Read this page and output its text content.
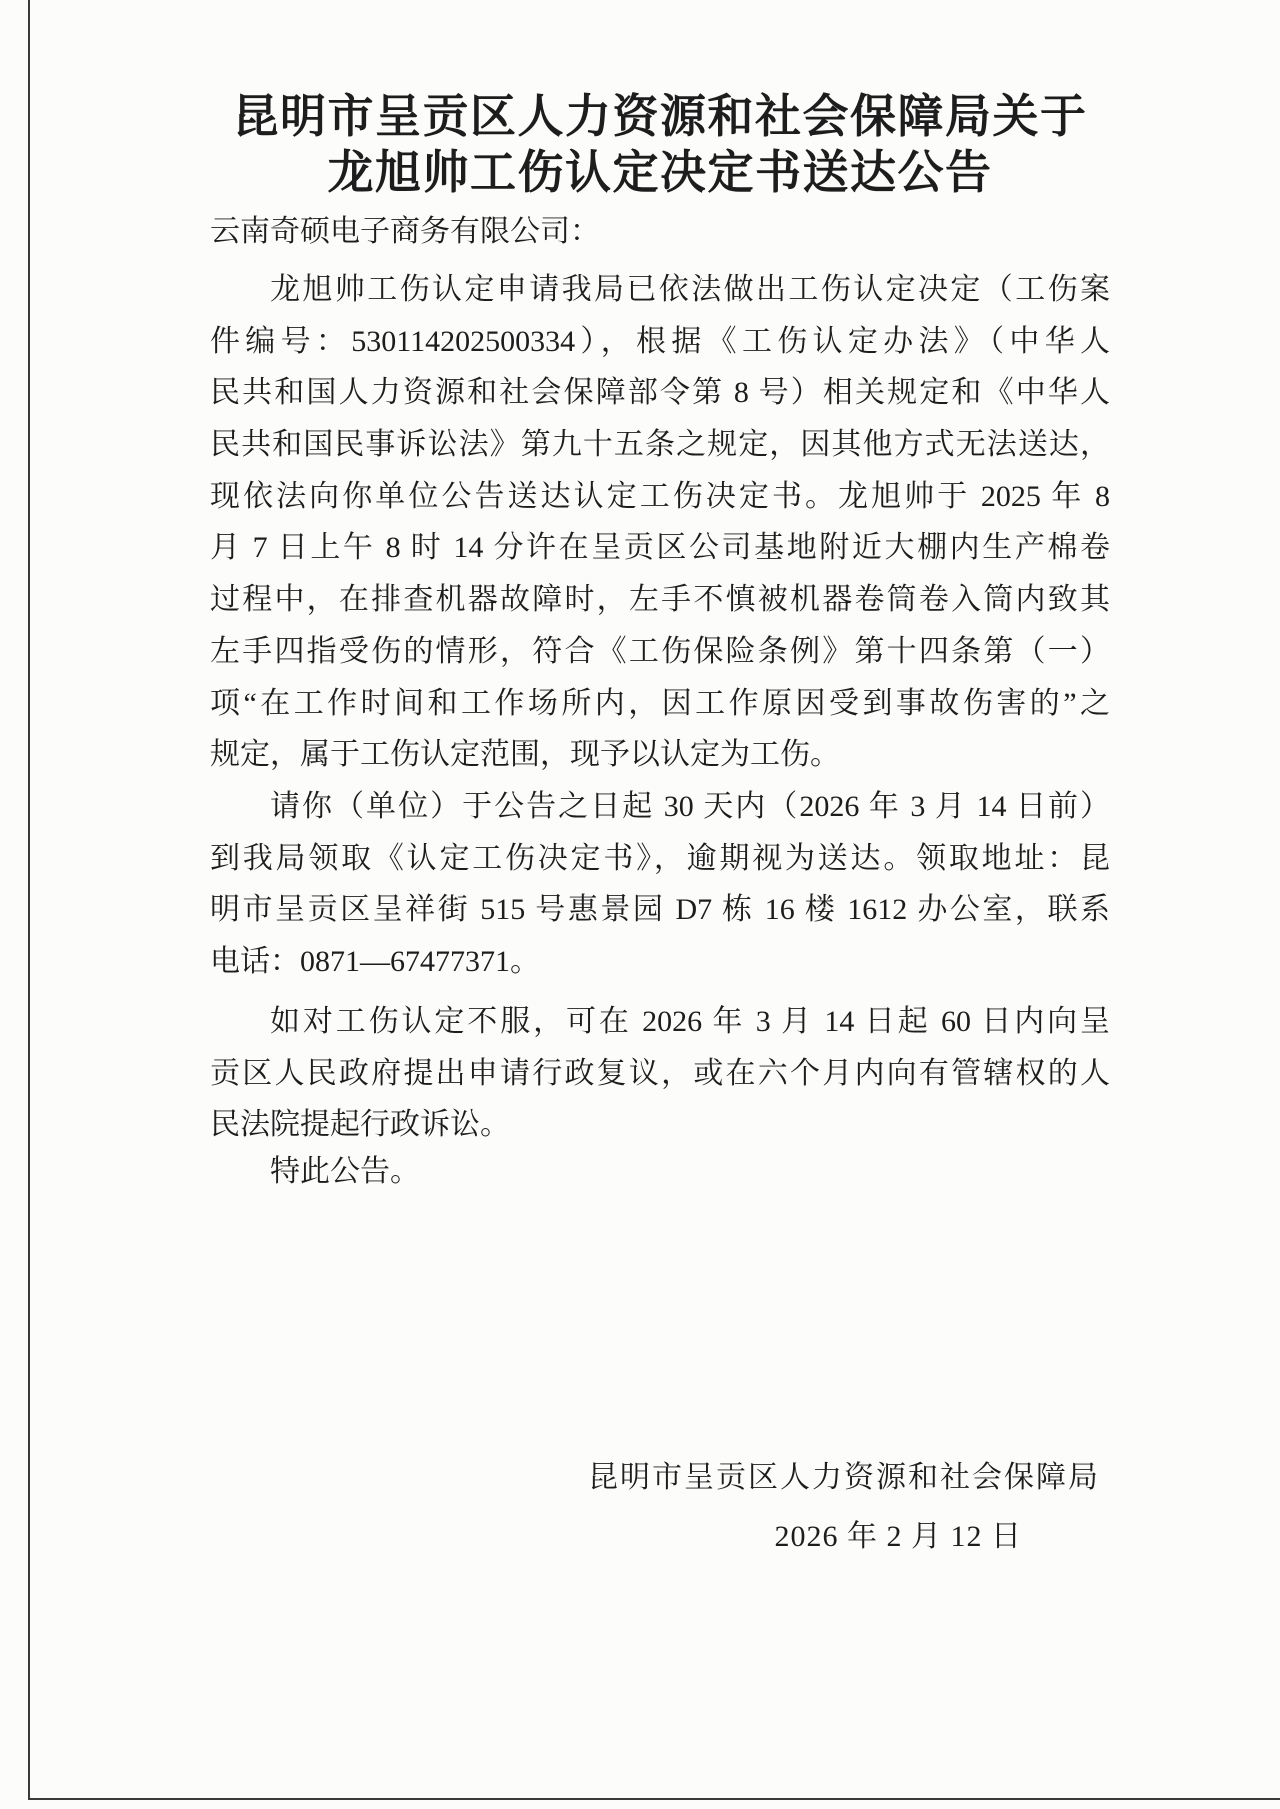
昆明市呈贡区人力资源和社会保障局关于
龙旭帅工伤认定决定书送达公告
云南奇硕电子商务有限公司：
龙旭帅工伤认定申请我局已依法做出工伤认定决定（工伤案
件编号：530114202500334），根据《工伤认定办法》（中华人
民共和国人力资源和社会保障部令第 8 号）相关规定和《中华人
民共和国民事诉讼法》第九十五条之规定，因其他方式无法送达，
现依法向你单位公告送达认定工伤决定书。龙旭帅于 2025 年 8
月 7 日上午 8 时 14 分许在呈贡区公司基地附近大棚内生产棉卷
过程中，在排查机器故障时，左手不慎被机器卷筒卷入筒内致其
左手四指受伤的情形，符合《工伤保险条例》第十四条第（一）
项“在工作时间和工作场所内，因工作原因受到事故伤害的”之
规定，属于工伤认定范围，现予以认定为工伤。
请你（单位）于公告之日起 30 天内（2026 年 3 月 14 日前）
到我局领取《认定工伤决定书》，逾期视为送达。领取地址：昆
明市呈贡区呈祥街 515 号惠景园 D7 栋 16 楼 1612 办公室，联系
电话：0871—67477371。
如对工伤认定不服，可在 2026 年 3 月 14 日起 60 日内向呈
贡区人民政府提出申请行政复议，或在六个月内向有管辖权的人
民法院提起行政诉讼。
特此公告。
昆明市呈贡区人力资源和社会保障局
2026 年 2 月 12 日
